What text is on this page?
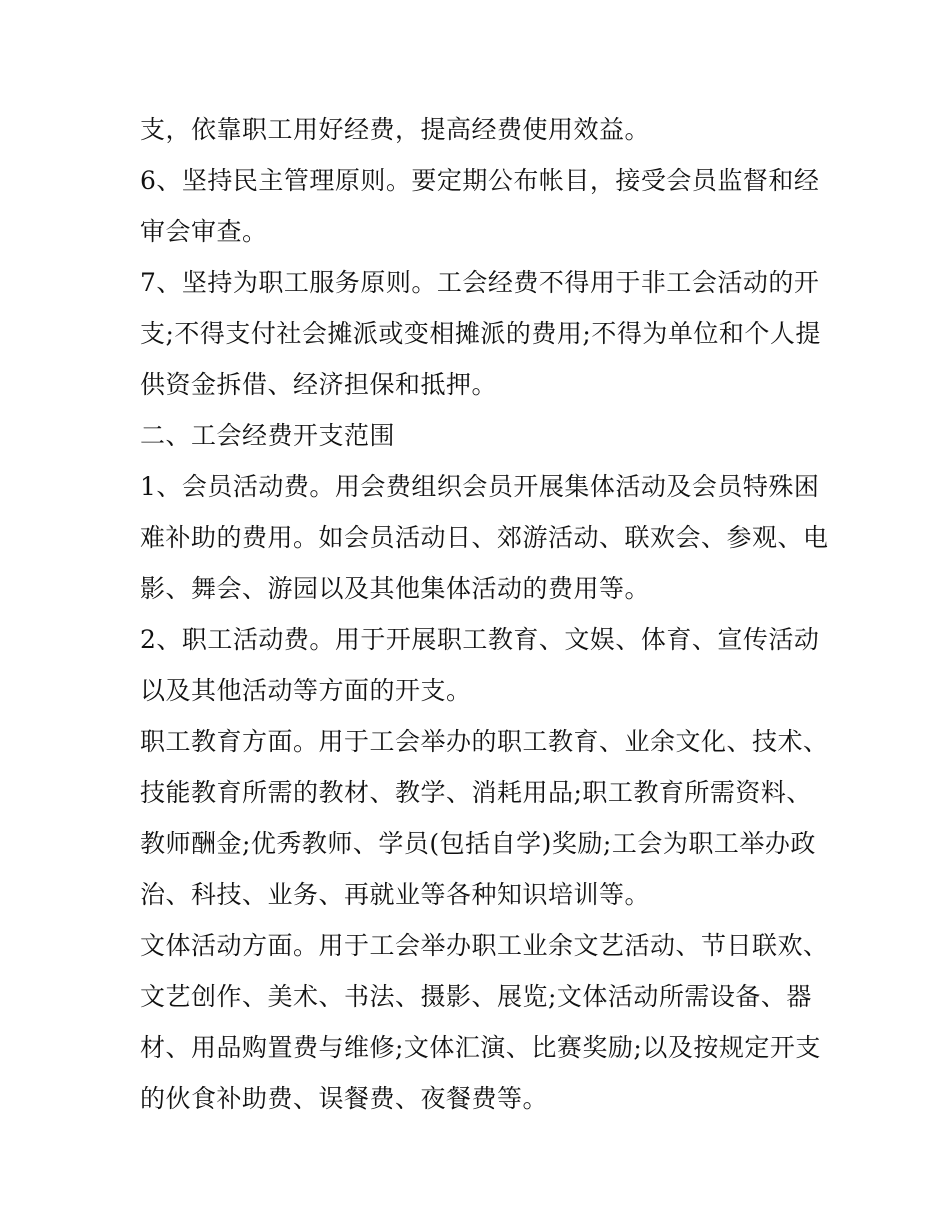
支，依靠职工用好经费，提高经费使用效益。
6、坚持民主管理原则。要定期公布帐目，接受会员监督和经
审会审查。
7、坚持为职工服务原则。工会经费不得用于非工会活动的开
支;不得支付社会摊派或变相摊派的费用;不得为单位和个人提
供资金拆借、经济担保和抵押。
二、工会经费开支范围
1、会员活动费。用会费组织会员开展集体活动及会员特殊困
难补助的费用。如会员活动日、郊游活动、联欢会、参观、电
影、舞会、游园以及其他集体活动的费用等。
2、职工活动费。用于开展职工教育、文娱、体育、宣传活动
以及其他活动等方面的开支。
职工教育方面。用于工会举办的职工教育、业余文化、技术、
技能教育所需的教材、教学、消耗用品;职工教育所需资料、
教师酬金;优秀教师、学员(包括自学)奖励;工会为职工举办政
治、科技、业务、再就业等各种知识培训等。
文体活动方面。用于工会举办职工业余文艺活动、节日联欢、
文艺创作、美术、书法、摄影、展览;文体活动所需设备、器
材、用品购置费与维修;文体汇演、比赛奖励;以及按规定开支
的伙食补助费、误餐费、夜餐费等。
